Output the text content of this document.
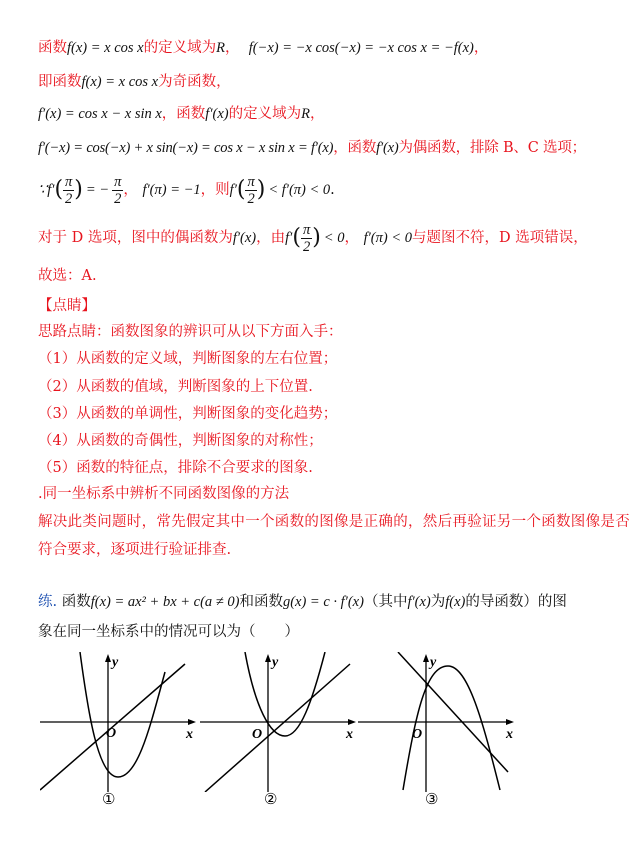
函数f(x) = x cos x的定义域为R， f(−x) = −x cos(−x) = −x cos x = −f(x)，
即函数f(x) = x cos x为奇函数，
f′(x) = cos x − x sin x，函数f′(x)的定义域为R，
f′(−x) = cos(−x) + x sin(−x) = cos x − x sin x = f′(x)，函数f′(x)为偶函数，排除 B、C 选项；
∵ f′ ( $\frac{\pi}{2}$ ) = − $\frac{\pi}{2}$ ，
f′(π) = −1 ，则 f′ ( $\frac{\pi}{2}$ ) < f′(π) < 0 .
对于 D 选项，图中的偶函数为 f′(x) ，由 f′ ( $\frac{\pi}{2}$ ) < 0 ，
f′(π) < 0 与题图不符，D 选项错误，
故选：A.
【点睛】
思路点睛：函数图象的辨识可从以下方面入手：
（1）从函数的定义域，判断图象的左右位置；
（2）从函数的值域，判断图象的上下位置.
（3）从函数的单调性，判断图象的变化趋势；
（4）从函数的奇偶性，判断图象的对称性；
（5）函数的特征点，排除不合要求的图象.
.同一坐标系中辨析不同函数图像的方法
解决此类问题时，常先假定其中一个函数的图像是正确的，然后再验证另一个函数图像是否
符合要求，逐项进行验证排查.
练. 函数f(x) = ax² + bx + c(a ≠ 0)和函数g(x) = c · f′(x)（其中f′(x)为f(x)的导函数）的图
象在同一坐标系中的情况可以为（　　）
y
x
O
①
y
x
O
②
y
x
O
③
